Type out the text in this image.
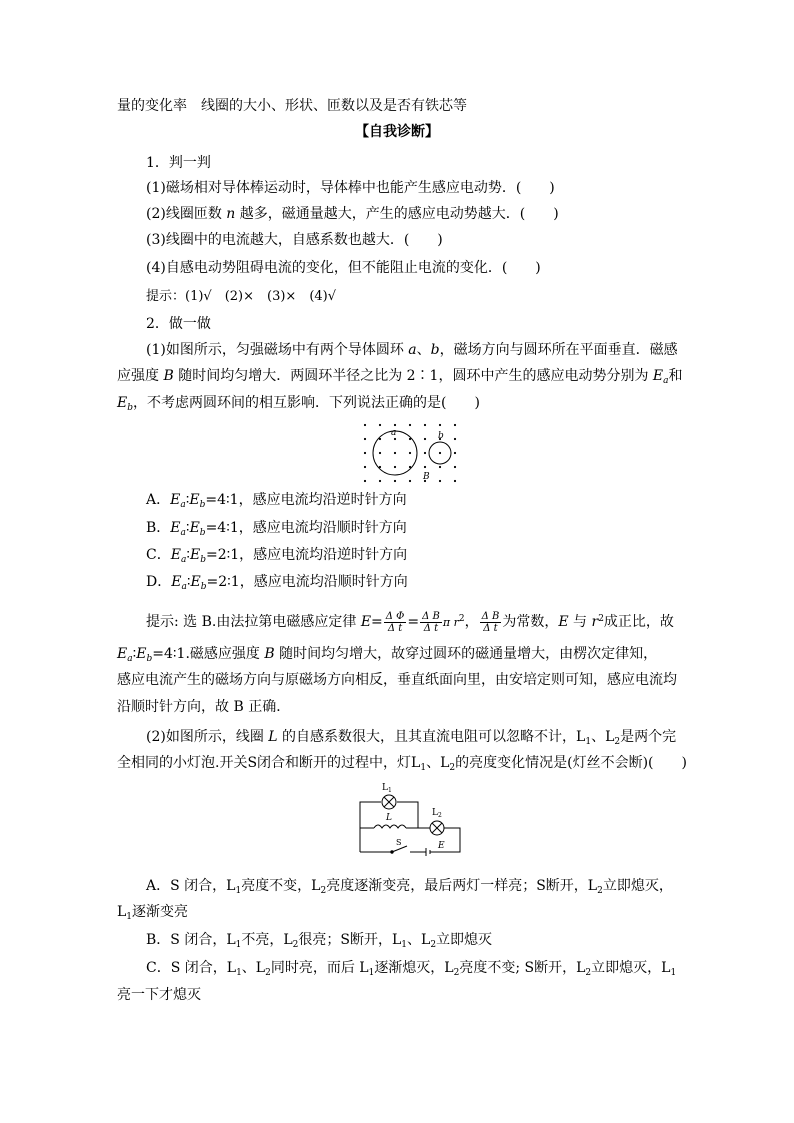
量的变化率　线圈的大小、形状、匝数以及是否有铁芯等
【自我诊断】
1．判一判
(1)磁场相对导体棒运动时，导体棒中也能产生感应电动势．(　　)
(2)线圈匝数 n 越多，磁通量越大，产生的感应电动势越大．(　　)
(3)线圈中的电流越大，自感系数也越大．(　　)
(4)自感电动势阻碍电流的变化，但不能阻止电流的变化．(　　)
提示：(1)√　(2)×　(3)×　(4)√
2．做一做
(1)如图所示，匀强磁场中有两个导体圆环 a、b，磁场方向与圆环所在平面垂直．磁感
应强度 B 随时间均匀增大．两圆环半径之比为 2∶1，圆环中产生的感应电动势分别为 $E_a$和
$E_b$，不考虑两圆环间的相互影响．下列说法正确的是(　　)
a	b
B
A．$E_a∶E_b=4∶1$，感应电流均沿逆时针方向
B．$E_a∶E_b=4∶1$，感应电流均沿顺时针方向
C．$E_a∶E_b=2∶1$，感应电流均沿逆时针方向
D．$E_a∶E_b=2∶1$，感应电流均沿顺时针方向
提示: 选 B.由法拉第电磁感应定律 $E= \frac{\text{Δ Φ}}{\text{Δ t}} = \frac{\text{Δ B}}{\text{Δ t}}$ π $r^2$， $\frac{\text{Δ B}}{\text{Δ t}}$ 为常数，E 与 $r^2$成正比，故
$E_a∶E_b=4∶1$.磁感应强度 B 随时间均匀增大，故穿过圆环的磁通量增大，由楞次定律知，
感应电流产生的磁场方向与原磁场方向相反，垂直纸面向里，由安培定则可知，感应电流均
沿顺时针方向，故 B 正确．
(2)如图所示，线圈 L 的自感系数很大，且其直流电阻可以忽略不计，$L_1$、$L_2$是两个完
全相同的小灯泡.开关S闭合和断开的过程中，灯$L_1$、$L_2$的亮度变化情况是(灯丝不会断)(　　)
$L_1$
$L_2$
L
S	E
A．S 闭合，$L_1$亮度不变，$L_2$亮度逐渐变亮，最后两灯一样亮；S断开，$L_2$立即熄灭，
$L_1$逐渐变亮
B．S 闭合，$L_1$不亮，$L_2$很亮；S断开，$L_1$、$L_2$立即熄灭
C．S 闭合，$L_1$、$L_2$同时亮，而后 $L_1$逐渐熄灭，$L_2$亮度不变; S断开，$L_2$立即熄灭，$L_1$
亮一下才熄灭
